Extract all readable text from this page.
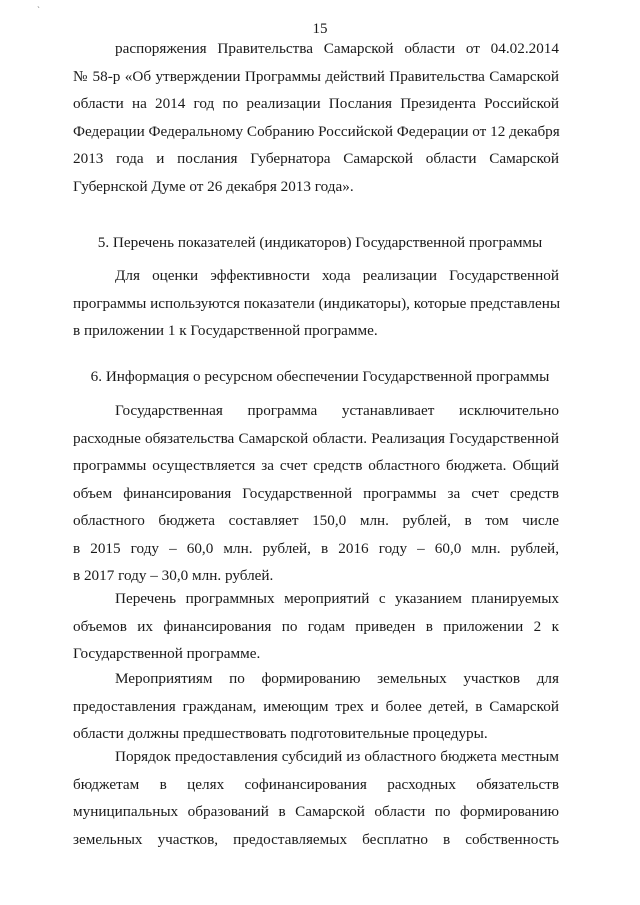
`
15
распоряжения Правительства Самарской области от 04.02.2014
№ 58-р «Об утверждении Программы действий Правительства Самарской
области на 2014 год по реализации Послания Президента Российской
Федерации Федеральному Собранию Российской Федерации от 12 декабря
2013 года и послания Губернатора Самарской области Самарской
Губернской Думе от 26 декабря 2013 года».
5. Перечень показателей (индикаторов) Государственной программы
Для оценки эффективности хода реализации Государственной
программы используются показатели (индикаторы), которые представлены
в приложении 1 к Государственной программе.
6. Информация о ресурсном обеспечении Государственной программы
Государственная программа устанавливает исключительно
расходные обязательства Самарской области. Реализация Государственной
программы осуществляется за счет средств областного бюджета. Общий
объем финансирования Государственной программы за счет средств
областного бюджета составляет 150,0 млн. рублей, в том числе
в 2015 году – 60,0 млн. рублей, в 2016 году – 60,0 млн. рублей,
в 2017 году – 30,0 млн. рублей.
Перечень программных мероприятий с указанием планируемых
объемов их финансирования по годам приведен в приложении 2 к
Государственной программе.
Мероприятиям по формированию земельных участков для
предоставления гражданам, имеющим трех и более детей, в Самарской
области должны предшествовать подготовительные процедуры.
Порядок предоставления субсидий из областного бюджета местным
бюджетам в целях софинансирования расходных обязательств
муниципальных образований в Самарской области по формированию
земельных участков, предоставляемых бесплатно в собственность
